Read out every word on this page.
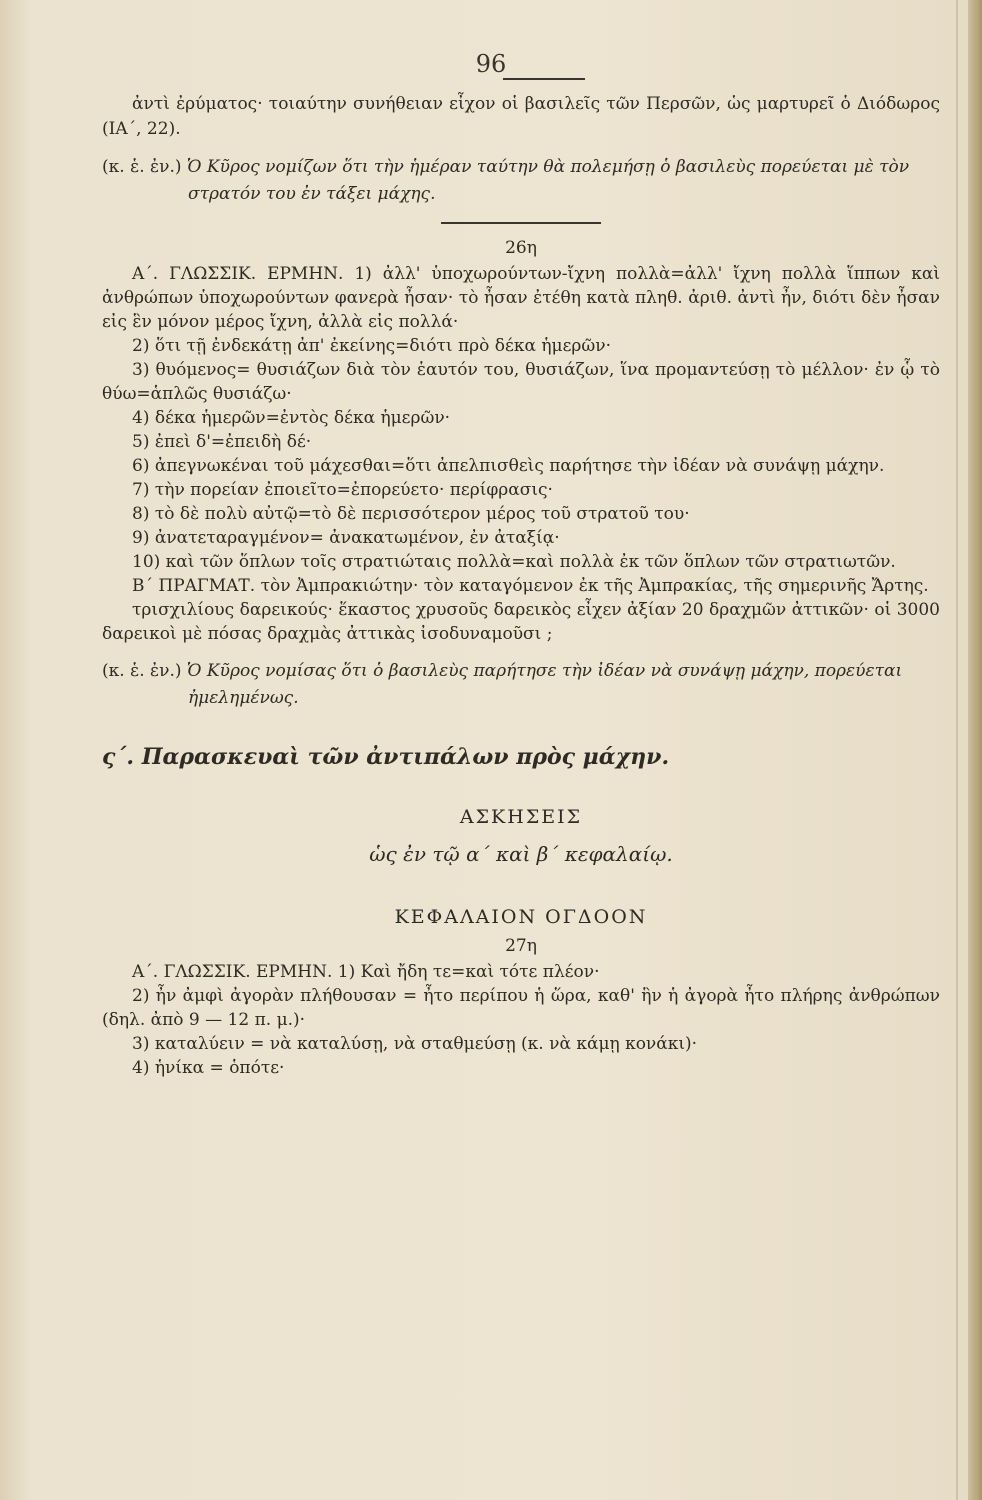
96

ἀντὶ ἐρύματος· τοιαύτην συνήθειαν εἶχον οἱ βασιλεῖς τῶν Περσῶν, ὡς μαρτυρεῖ ὁ Διόδωρος (ΙΑ΄, 22).

(κ. ἑ. ἐν.) Ὁ Κῦρος νομίζων ὅτι τὴν ἡμέραν ταύτην θὰ πολεμήσῃ ὁ βασιλεὺς πορεύεται μὲ τὸν στρατόν του ἐν τάξει μάχης.
26η

Α΄. ΓΛΩΣΣΙΚ. ΕΡΜΗΝ. 1) ἀλλ' ὑποχωρούντων-ἴχνη πολλὰ=ἀλλ' ἴχνη πολλὰ ἵππων καὶ ἀνθρώπων ὑποχωρούντων φανερὰ ἦσαν· τὸ ἦσαν ἐτέθη κατὰ πληθ. ἀριθ. ἀντὶ ἦν, διότι δὲν ἦσαν εἰς ἓν μόνον μέρος ἴχνη, ἀλλὰ εἰς πολλά·

2) ὅτι τῇ ἐνδεκάτῃ ἀπ' ἐκείνης=διότι πρὸ δέκα ἡμερῶν·

3) θυόμενος= θυσιάζων διὰ τὸν ἑαυτόν του, θυσιάζων, ἵνα προμαντεύσῃ τὸ μέλλον· ἐν ᾧ τὸ θύω=ἁπλῶς θυσιάζω·

4) δέκα ἡμερῶν=ἐντὸς δέκα ἡμερῶν·

5) ἐπεὶ δ'=ἐπειδὴ δέ·

6) ἀπεγνωκέναι τοῦ μάχεσθαι=ὅτι ἀπελπισθεὶς παρήτησε τὴν ἰδέαν νὰ συνάψῃ μάχην.

7) τὴν πορείαν ἐποιεῖτο=ἐπορεύετο· περίφρασις·

8) τὸ δὲ πολὺ αὐτῷ=τὸ δὲ περισσότερον μέρος τοῦ στρατοῦ του·

9) ἀνατεταραγμένον= ἀνακατωμένον, ἐν ἀταξίᾳ·

10) καὶ τῶν ὅπλων τοῖς στρατιώταις πολλὰ=καὶ πολλὰ ἐκ τῶν ὅπλων τῶν στρατιωτῶν.

Β΄ ΠΡΑΓΜΑΤ. τὸν Ἀμπρακιώτην· τὸν καταγόμενον ἐκ τῆς Ἀμπρακίας, τῆς σημερινῆς Ἄρτης.

τρισχιλίους δαρεικούς· ἕκαστος χρυσοῦς δαρεικὸς εἶχεν ἀξίαν 20 δραχμῶν ἀττικῶν· οἱ 3000 δαρεικοὶ μὲ πόσας δραχμὰς ἀττικὰς ἰσοδυναμοῦσι ;

(κ. ἑ. ἐν.) Ὁ Κῦρος νομίσας ὅτι ὁ βασιλεὺς παρήτησε τὴν ἰδέαν νὰ συνάψῃ μάχην, πορεύεται ἠμελημένως.
ς΄. Παρασκευαὶ τῶν ἀντιπάλων πρὸς μάχην.
ΑΣΚΗΣΕΙΣ
ὡς ἐν τῷ α΄ καὶ β΄ κεφαλαίῳ.
ΚΕΦΑΛΑΙΟΝ ΟΓΔΟΟΝ
27η

Α΄. ΓΛΩΣΣΙΚ. ΕΡΜΗΝ. 1) Καὶ ἤδη τε=καὶ τότε πλέον·

2) ἦν ἀμφὶ ἀγορὰν πλήθουσαν = ἦτο περίπου ἡ ὥρα, καθ' ἣν ἡ ἀγορὰ ἦτο πλήρης ἀνθρώπων (δηλ. ἀπὸ 9 — 12 π. μ.)·

3) καταλύειν = νὰ καταλύσῃ, νὰ σταθμεύσῃ (κ. νὰ κάμῃ κονάκι)·

4) ἡνίκα = ὁπότε·
